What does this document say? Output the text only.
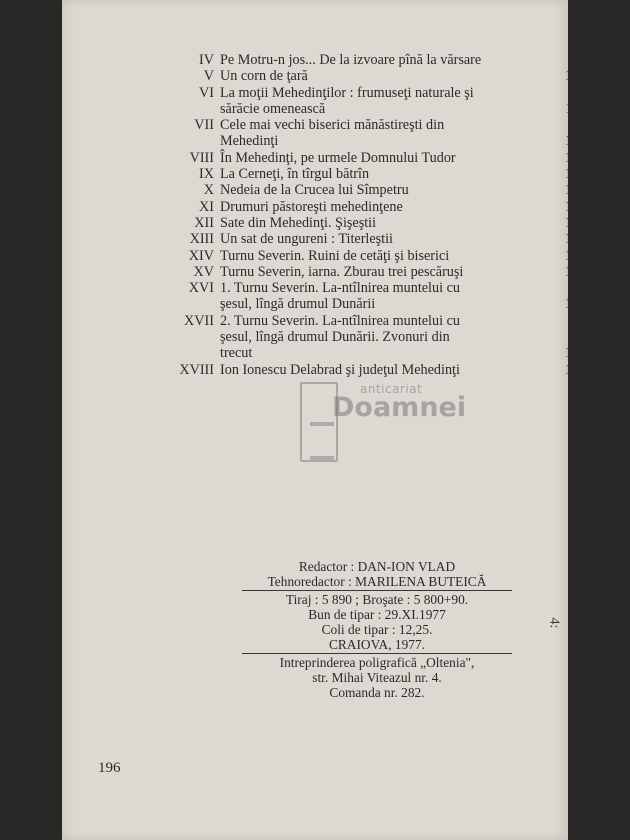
IV Pe Motru-n jos... De la izvoare pînă la vărsare	97
V Un corn de ţară	107
VI La moţii Mehedinţilor : frumuseţi naturale şi
sărăcie omenească	117
VII Cele mai vechi biserici mănăstireşti din
Mehedinţi	123
VIII În Mehedinţi, pe urmele Domnului Tudor	126
IX La Cerneţi, în tîrgul bătrîn	133
X Nedeia de la Crucea lui Sîmpetru	140
XI Drumuri păstoreşti mehedinţene	147
XII Sate din Mehedinţi. Şişeştii	154
XIII Un sat de ungureni : Titerleştii	159
XIV Turnu Severin. Ruini de cetăţi şi biserici	166
XV Turnu Severin, iarna. Zburau trei pescăruşi	173
XVI 1. Turnu Severin. La-ntîlnirea muntelui cu
şesul, lîngă drumul Dunării	178
XVII 2. Turnu Severin. La-ntîlnirea muntelui cu
şesul, lîngă drumul Dunării. Zvonuri din
trecut	183
XVIII Ion Ionescu Delabrad şi judeţul Mehedinţi	189
anticariat
Doamnei
Redactor : DAN-ION VLAD
Tehnoredactor : MARILENA BUTEICĂ
Tiraj : 5 890 ; Broşate : 5 800+90.
Bun de tipar : 29.XI.1977
Coli de tipar : 12,25.
CRAIOVA, 1977.
Intreprinderea poligrafică „Oltenia",
str. Mihai Viteazul nr. 4.
Comanda nr. 282.
196
4:
